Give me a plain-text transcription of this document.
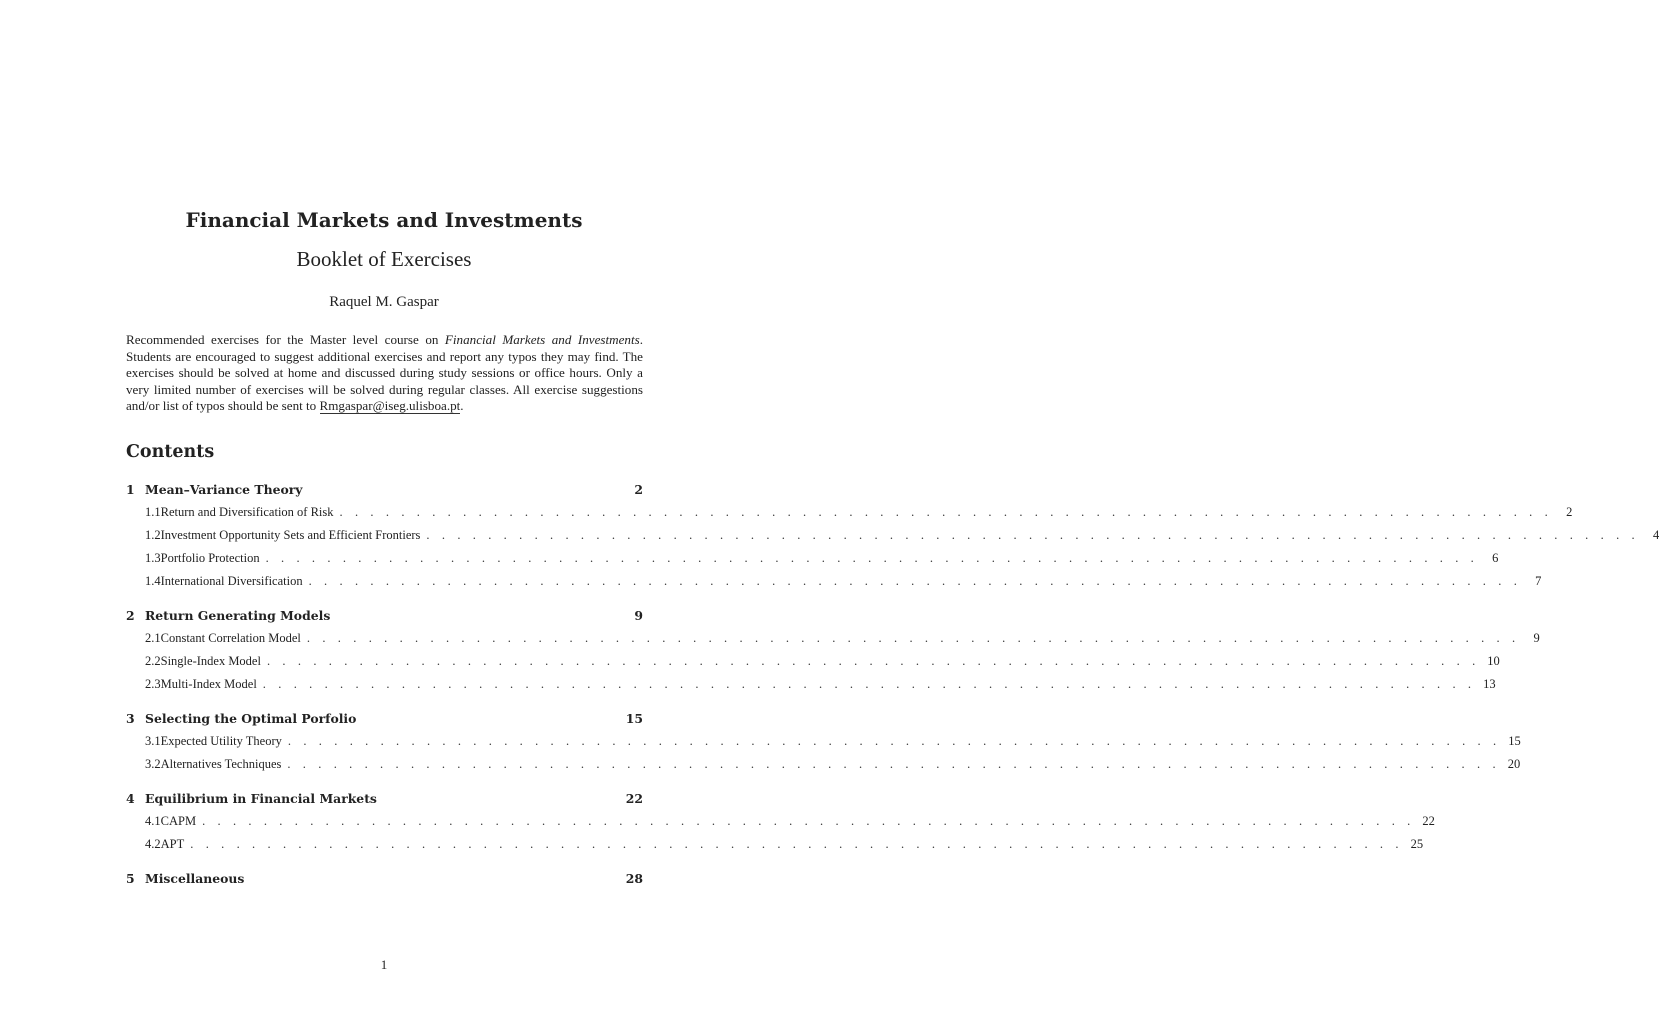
Financial Markets and Investments
Booklet of Exercises
Raquel M. Gaspar

Recommended exercises for the Master level course on Financial Markets and Investments. Students are encouraged to suggest additional exercises and report any typos they may find. The exercises should be solved at home and discussed during study sessions or office hours. Only a very limited number of exercises will be solved during regular classes. All exercise suggestions and/or list of typos should be sent to Rmgaspar@iseg.ulisboa.pt.

Contents
1 Mean–Variance Theory	2
1.1 Return and Diversification of Risk . . . . . . . . . . . . . . . . . . . . . . . . . . . . . . . . . . . . . . . . . . . . . . . . . . . . . . . . . . . . . . . . . . . . . . . . . . . . . . .	2
1.2 Investment Opportunity Sets and Efficient Frontiers . . . . . . . . . . . . . . . . . . . . . . . . . . . . . . . . . . . . . . . . . . . . . . . . . . . . . . . . . . . . . . . . . . . . . . . . . . . . . . .	4
1.3 Portfolio Protection . . . . . . . . . . . . . . . . . . . . . . . . . . . . . . . . . . . . . . . . . . . . . . . . . . . . . . . . . . . . . . . . . . . . . . . . . . . . . . .	6
1.4 International Diversification . . . . . . . . . . . . . . . . . . . . . . . . . . . . . . . . . . . . . . . . . . . . . . . . . . . . . . . . . . . . . . . . . . . . . . . . . . . . . . .	7
2 Return Generating Models	9
2.1 Constant Correlation Model . . . . . . . . . . . . . . . . . . . . . . . . . . . . . . . . . . . . . . . . . . . . . . . . . . . . . . . . . . . . . . . . . . . . . . . . . . . . . . .	9
2.2 Single-Index Model . . . . . . . . . . . . . . . . . . . . . . . . . . . . . . . . . . . . . . . . . . . . . . . . . . . . . . . . . . . . . . . . . . . . . . . . . . . . . . . 10
2.3 Multi-Index Model . . . . . . . . . . . . . . . . . . . . . . . . . . . . . . . . . . . . . . . . . . . . . . . . . . . . . . . . . . . . . . . . . . . . . . . . . . . . . . . 13
3 Selecting the Optimal Porfolio	15
3.1 Expected Utility Theory . . . . . . . . . . . . . . . . . . . . . . . . . . . . . . . . . . . . . . . . . . . . . . . . . . . . . . . . . . . . . . . . . . . . . . . . . . . . . . . 15
3.2 Alternatives Techniques . . . . . . . . . . . . . . . . . . . . . . . . . . . . . . . . . . . . . . . . . . . . . . . . . . . . . . . . . . . . . . . . . . . . . . . . . . . . . . . 20
4 Equilibrium in Financial Markets	22
4.1 CAPM . . . . . . . . . . . . . . . . . . . . . . . . . . . . . . . . . . . . . . . . . . . . . . . . . . . . . . . . . . . . . . . . . . . . . . . . . . . . . . . 22
4.2 APT . . . . . . . . . . . . . . . . . . . . . . . . . . . . . . . . . . . . . . . . . . . . . . . . . . . . . . . . . . . . . . . . . . . . . . . . . . . . . . . 25
5 Miscellaneous	28
1
